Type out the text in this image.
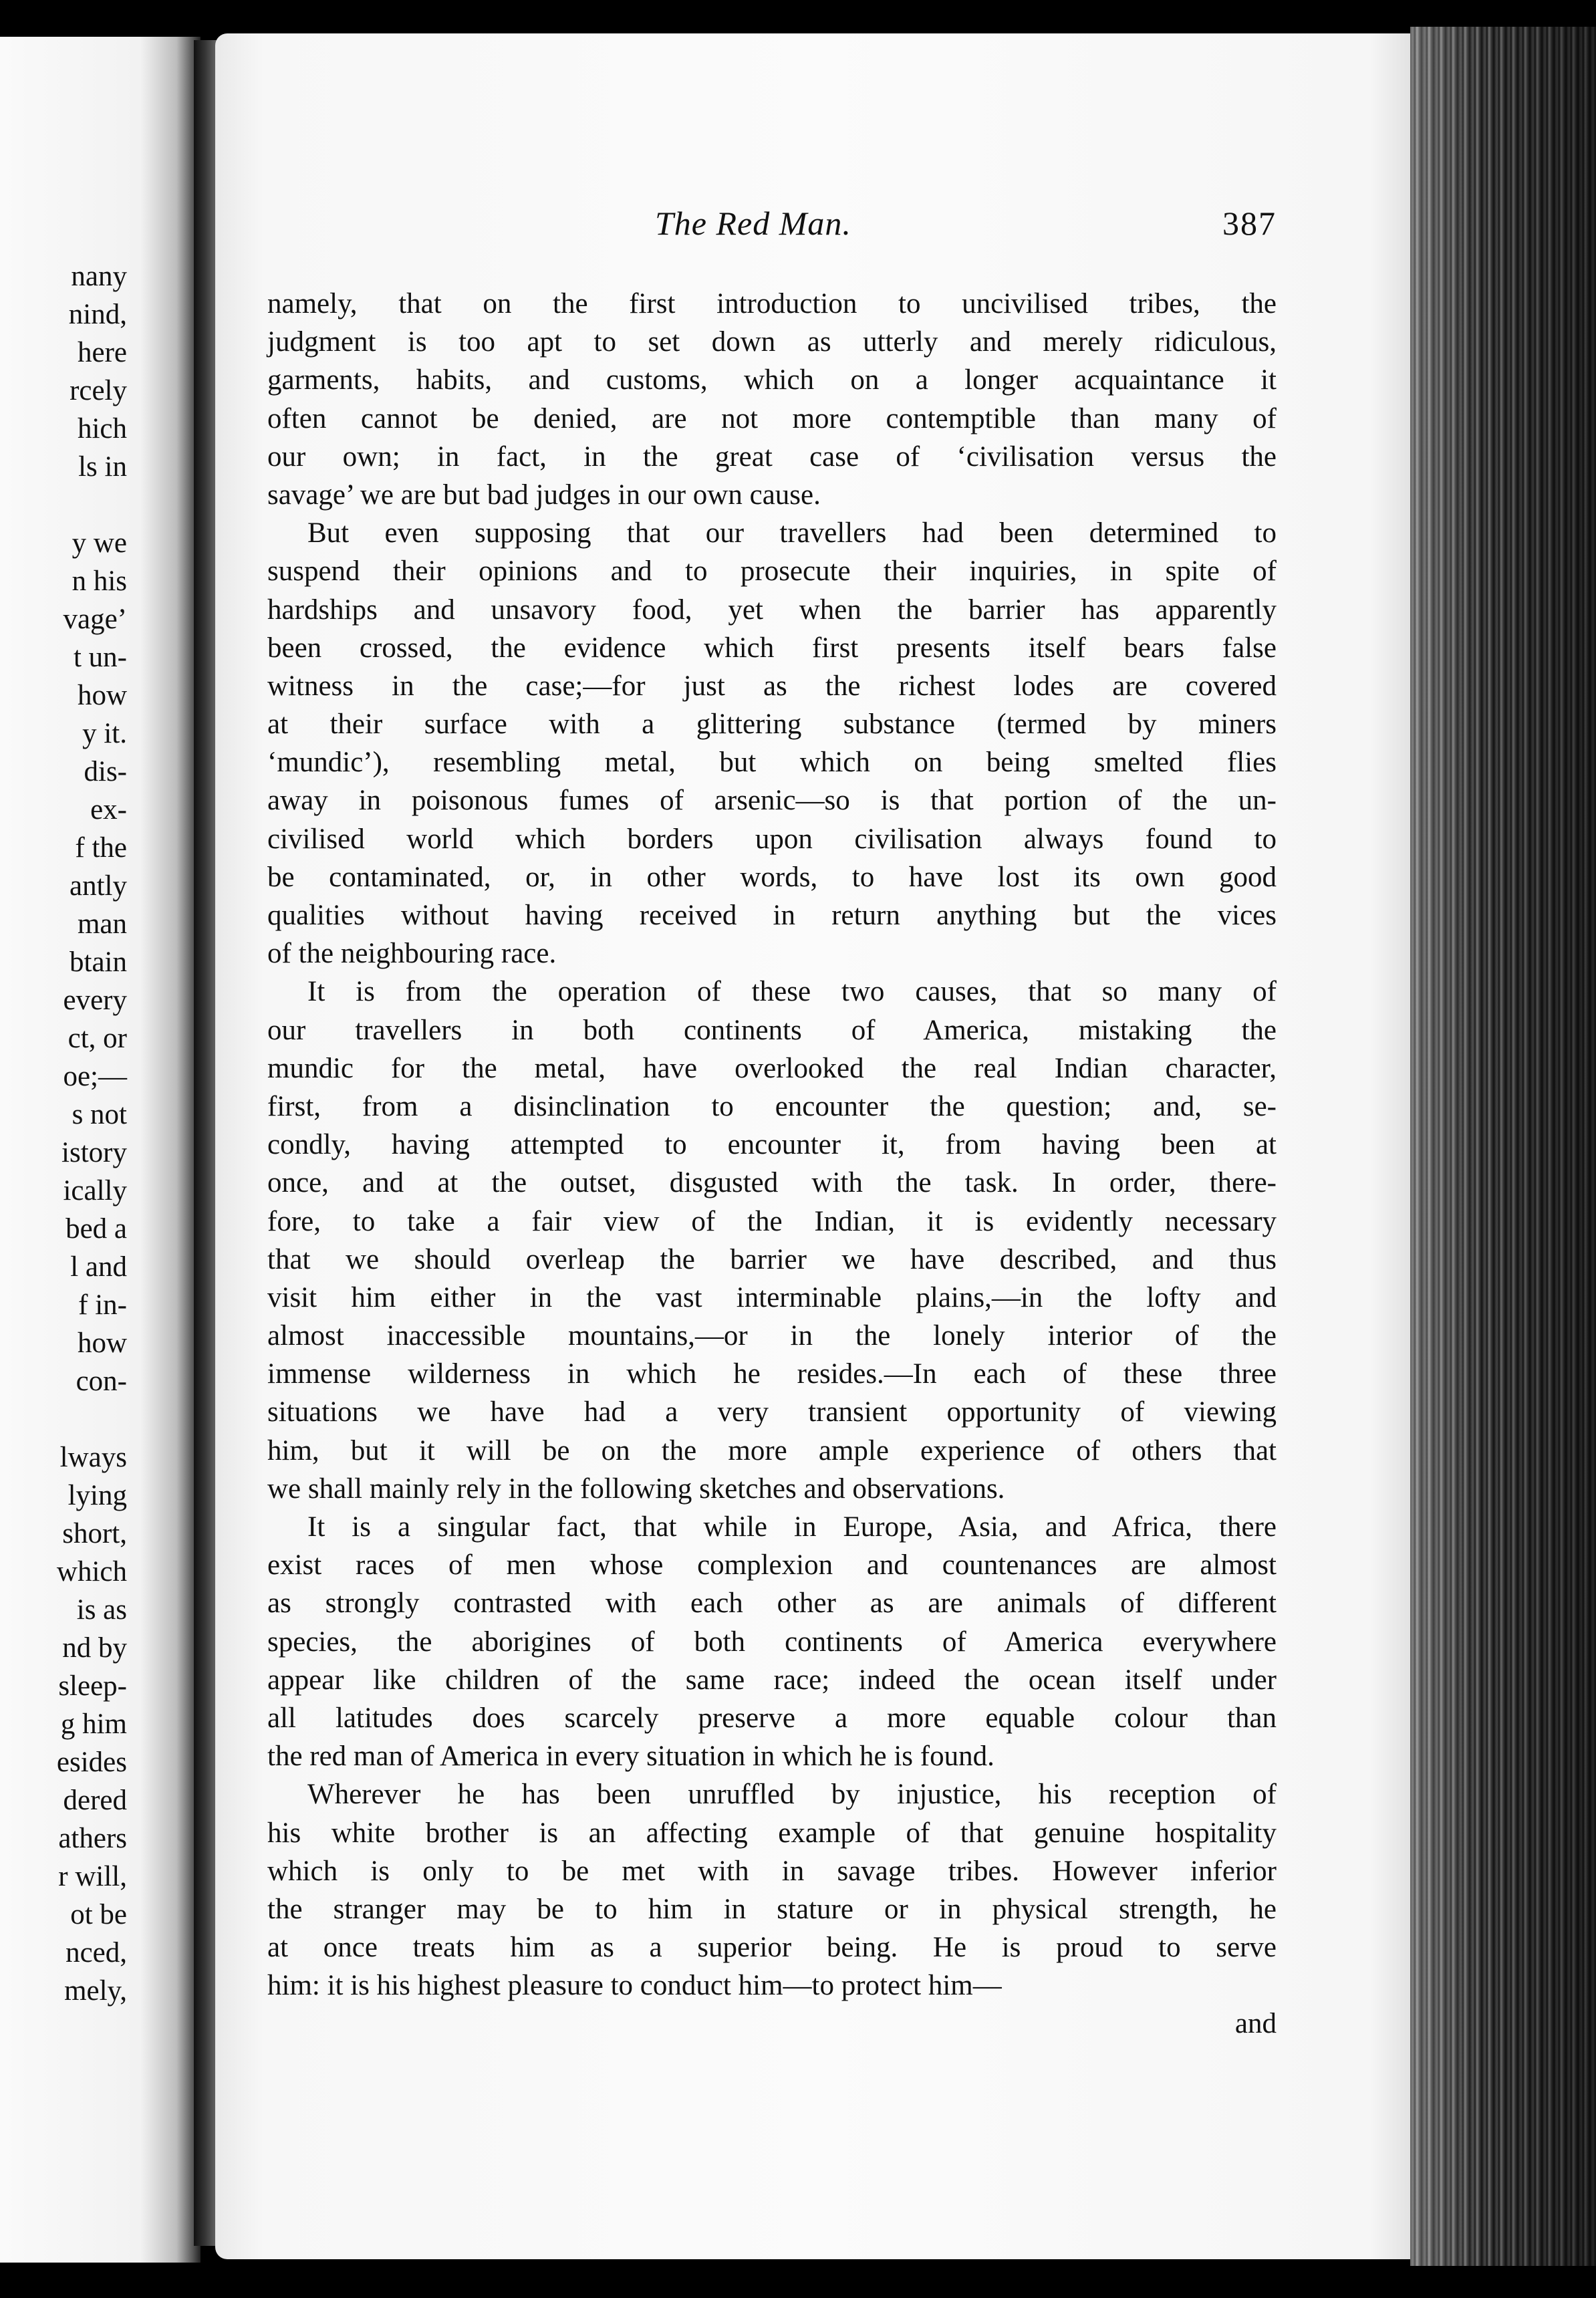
nany
nind,
here
rcely
hich
ls in
y we
n his
vage’
t un-
how
y it.
dis-
ex-
f the
antly
man
btain
every
ct, or
oe;—
s not
istory
ically
bed a
l and
f in-
how
con-
lways
lying
short,
which
is as
nd by
sleep-
g him
esides
dered
athers
r will,
ot be
nced,
mely,
The Red Man.	387
namely, that on the first introduction to uncivilised tribes, the
judgment is too apt to set down as utterly and merely ridiculous,
garments, habits, and customs, which on a longer acquaintance it
often cannot be denied, are not more contemptible than many of
our own; in fact, in the great case of ‘civilisation versus the
savage’ we are but bad judges in our own cause.
But even supposing that our travellers had been determined to
suspend their opinions and to prosecute their inquiries, in spite of
hardships and unsavory food, yet when the barrier has apparently
been crossed, the evidence which first presents itself bears false
witness in the case;—for just as the richest lodes are covered
at their surface with a glittering substance (termed by miners
‘mundic’), resembling metal, but which on being smelted flies
away in poisonous fumes of arsenic—so is that portion of the un-
civilised world which borders upon civilisation always found to
be contaminated, or, in other words, to have lost its own good
qualities without having received in return anything but the vices
of the neighbouring race.
It is from the operation of these two causes, that so many of
our travellers in both continents of America, mistaking the
mundic for the metal, have overlooked the real Indian character,
first, from a disinclination to encounter the question; and, se-
condly, having attempted to encounter it, from having been at
once, and at the outset, disgusted with the task. In order, there-
fore, to take a fair view of the Indian, it is evidently necessary
that we should overleap the barrier we have described, and thus
visit him either in the vast interminable plains,—in the lofty and
almost inaccessible mountains,—or in the lonely interior of the
immense wilderness in which he resides.—In each of these three
situations we have had a very transient opportunity of viewing
him, but it will be on the more ample experience of others that
we shall mainly rely in the following sketches and observations.
It is a singular fact, that while in Europe, Asia, and Africa, there
exist races of men whose complexion and countenances are almost
as strongly contrasted with each other as are animals of different
species, the aborigines of both continents of America everywhere
appear like children of the same race; indeed the ocean itself under
all latitudes does scarcely preserve a more equable colour than
the red man of America in every situation in which he is found.
Wherever he has been unruffled by injustice, his reception of
his white brother is an affecting example of that genuine hospitality
which is only to be met with in savage tribes. However inferior
the stranger may be to him in stature or in physical strength, he
at once treats him as a superior being. He is proud to serve
him: it is his highest pleasure to conduct him—to protect him—
and
